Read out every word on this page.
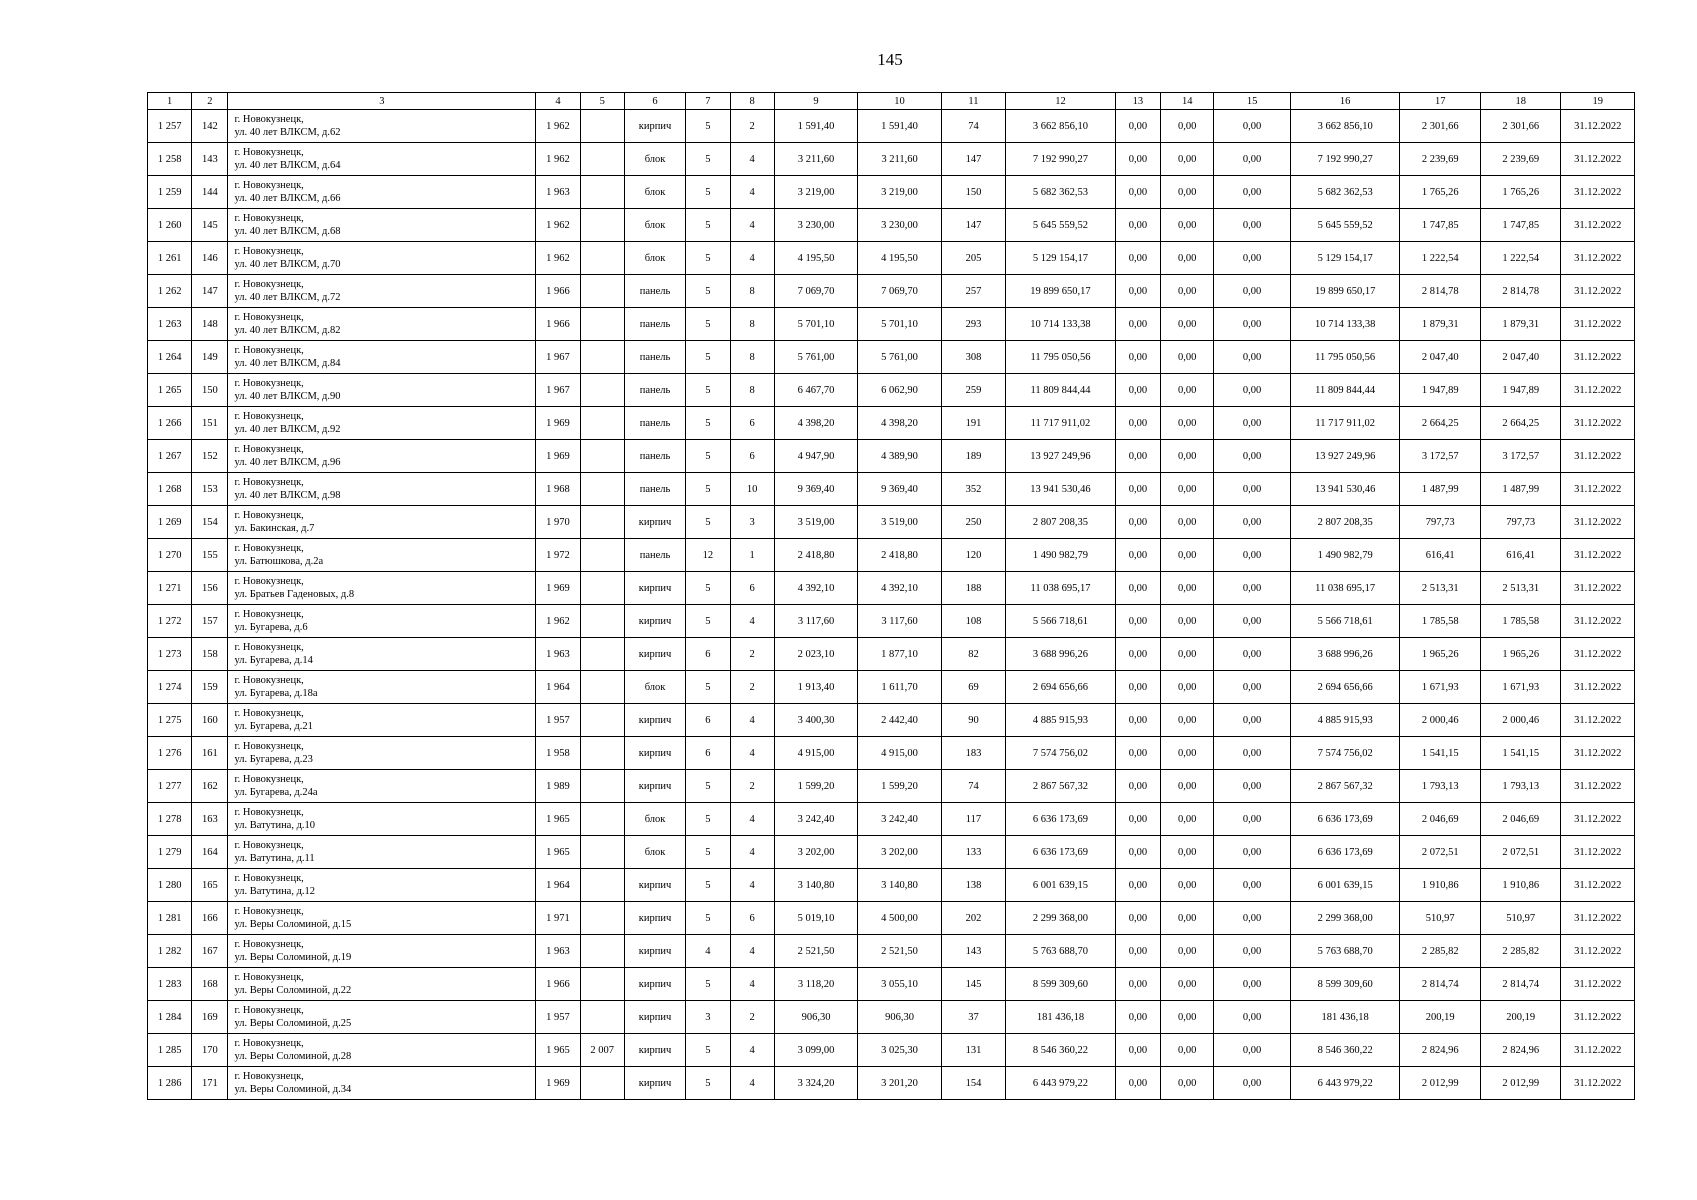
145
1	2	3	4	5	6	7	8	9	10	11	12	13	14	15	16	17	18	19
1 257	142	г. Новокузнецк,
ул. 40 лет ВЛКСМ, д.62	1 962		кирпич	5	2	1 591,40	1 591,40	74	3 662 856,10	0,00	0,00	0,00	3 662 856,10	2 301,66	2 301,66	31.12.2022
1 258	143	г. Новокузнецк,
ул. 40 лет ВЛКСМ, д.64	1 962		блок	5	4	3 211,60	3 211,60	147	7 192 990,27	0,00	0,00	0,00	7 192 990,27	2 239,69	2 239,69	31.12.2022
1 259	144	г. Новокузнецк,
ул. 40 лет ВЛКСМ, д.66	1 963		блок	5	4	3 219,00	3 219,00	150	5 682 362,53	0,00	0,00	0,00	5 682 362,53	1 765,26	1 765,26	31.12.2022
1 260	145	г. Новокузнецк,
ул. 40 лет ВЛКСМ, д.68	1 962		блок	5	4	3 230,00	3 230,00	147	5 645 559,52	0,00	0,00	0,00	5 645 559,52	1 747,85	1 747,85	31.12.2022
1 261	146	г. Новокузнецк,
ул. 40 лет ВЛКСМ, д.70	1 962		блок	5	4	4 195,50	4 195,50	205	5 129 154,17	0,00	0,00	0,00	5 129 154,17	1 222,54	1 222,54	31.12.2022
1 262	147	г. Новокузнецк,
ул. 40 лет ВЛКСМ, д.72	1 966		панель	5	8	7 069,70	7 069,70	257	19 899 650,17	0,00	0,00	0,00	19 899 650,17	2 814,78	2 814,78	31.12.2022
1 263	148	г. Новокузнецк,
ул. 40 лет ВЛКСМ, д.82	1 966		панель	5	8	5 701,10	5 701,10	293	10 714 133,38	0,00	0,00	0,00	10 714 133,38	1 879,31	1 879,31	31.12.2022
1 264	149	г. Новокузнецк,
ул. 40 лет ВЛКСМ, д.84	1 967		панель	5	8	5 761,00	5 761,00	308	11 795 050,56	0,00	0,00	0,00	11 795 050,56	2 047,40	2 047,40	31.12.2022
1 265	150	г. Новокузнецк,
ул. 40 лет ВЛКСМ, д.90	1 967		панель	5	8	6 467,70	6 062,90	259	11 809 844,44	0,00	0,00	0,00	11 809 844,44	1 947,89	1 947,89	31.12.2022
1 266	151	г. Новокузнецк,
ул. 40 лет ВЛКСМ, д.92	1 969		панель	5	6	4 398,20	4 398,20	191	11 717 911,02	0,00	0,00	0,00	11 717 911,02	2 664,25	2 664,25	31.12.2022
1 267	152	г. Новокузнецк,
ул. 40 лет ВЛКСМ, д.96	1 969		панель	5	6	4 947,90	4 389,90	189	13 927 249,96	0,00	0,00	0,00	13 927 249,96	3 172,57	3 172,57	31.12.2022
1 268	153	г. Новокузнецк,
ул. 40 лет ВЛКСМ, д.98	1 968		панель	5	10	9 369,40	9 369,40	352	13 941 530,46	0,00	0,00	0,00	13 941 530,46	1 487,99	1 487,99	31.12.2022
1 269	154	г. Новокузнецк,
ул. Бакинская, д.7	1 970		кирпич	5	3	3 519,00	3 519,00	250	2 807 208,35	0,00	0,00	0,00	2 807 208,35	797,73	797,73	31.12.2022
1 270	155	г. Новокузнецк,
ул. Батюшкова, д.2а	1 972		панель	12	1	2 418,80	2 418,80	120	1 490 982,79	0,00	0,00	0,00	1 490 982,79	616,41	616,41	31.12.2022
1 271	156	г. Новокузнецк,
ул. Братьев Гаденовых, д.8	1 969		кирпич	5	6	4 392,10	4 392,10	188	11 038 695,17	0,00	0,00	0,00	11 038 695,17	2 513,31	2 513,31	31.12.2022
1 272	157	г. Новокузнецк,
ул. Бугарева, д.6	1 962		кирпич	5	4	3 117,60	3 117,60	108	5 566 718,61	0,00	0,00	0,00	5 566 718,61	1 785,58	1 785,58	31.12.2022
1 273	158	г. Новокузнецк,
ул. Бугарева, д.14	1 963		кирпич	6	2	2 023,10	1 877,10	82	3 688 996,26	0,00	0,00	0,00	3 688 996,26	1 965,26	1 965,26	31.12.2022
1 274	159	г. Новокузнецк,
ул. Бугарева, д.18а	1 964		блок	5	2	1 913,40	1 611,70	69	2 694 656,66	0,00	0,00	0,00	2 694 656,66	1 671,93	1 671,93	31.12.2022
1 275	160	г. Новокузнецк,
ул. Бугарева, д.21	1 957		кирпич	6	4	3 400,30	2 442,40	90	4 885 915,93	0,00	0,00	0,00	4 885 915,93	2 000,46	2 000,46	31.12.2022
1 276	161	г. Новокузнецк,
ул. Бугарева, д.23	1 958		кирпич	6	4	4 915,00	4 915,00	183	7 574 756,02	0,00	0,00	0,00	7 574 756,02	1 541,15	1 541,15	31.12.2022
1 277	162	г. Новокузнецк,
ул. Бугарева, д.24а	1 989		кирпич	5	2	1 599,20	1 599,20	74	2 867 567,32	0,00	0,00	0,00	2 867 567,32	1 793,13	1 793,13	31.12.2022
1 278	163	г. Новокузнецк,
ул. Ватутина, д.10	1 965		блок	5	4	3 242,40	3 242,40	117	6 636 173,69	0,00	0,00	0,00	6 636 173,69	2 046,69	2 046,69	31.12.2022
1 279	164	г. Новокузнецк,
ул. Ватутина, д.11	1 965		блок	5	4	3 202,00	3 202,00	133	6 636 173,69	0,00	0,00	0,00	6 636 173,69	2 072,51	2 072,51	31.12.2022
1 280	165	г. Новокузнецк,
ул. Ватутина, д.12	1 964		кирпич	5	4	3 140,80	3 140,80	138	6 001 639,15	0,00	0,00	0,00	6 001 639,15	1 910,86	1 910,86	31.12.2022
1 281	166	г. Новокузнецк,
ул. Веры Соломиной, д.15	1 971		кирпич	5	6	5 019,10	4 500,00	202	2 299 368,00	0,00	0,00	0,00	2 299 368,00	510,97	510,97	31.12.2022
1 282	167	г. Новокузнецк,
ул. Веры Соломиной, д.19	1 963		кирпич	4	4	2 521,50	2 521,50	143	5 763 688,70	0,00	0,00	0,00	5 763 688,70	2 285,82	2 285,82	31.12.2022
1 283	168	г. Новокузнецк,
ул. Веры Соломиной, д.22	1 966		кирпич	5	4	3 118,20	3 055,10	145	8 599 309,60	0,00	0,00	0,00	8 599 309,60	2 814,74	2 814,74	31.12.2022
1 284	169	г. Новокузнецк,
ул. Веры Соломиной, д.25	1 957		кирпич	3	2	906,30	906,30	37	181 436,18	0,00	0,00	0,00	181 436,18	200,19	200,19	31.12.2022
1 285	170	г. Новокузнецк,
ул. Веры Соломиной, д.28	1 965	2 007	кирпич	5	4	3 099,00	3 025,30	131	8 546 360,22	0,00	0,00	0,00	8 546 360,22	2 824,96	2 824,96	31.12.2022
1 286	171	г. Новокузнецк,
ул. Веры Соломиной, д.34	1 969		кирпич	5	4	3 324,20	3 201,20	154	6 443 979,22	0,00	0,00	0,00	6 443 979,22	2 012,99	2 012,99	31.12.2022
